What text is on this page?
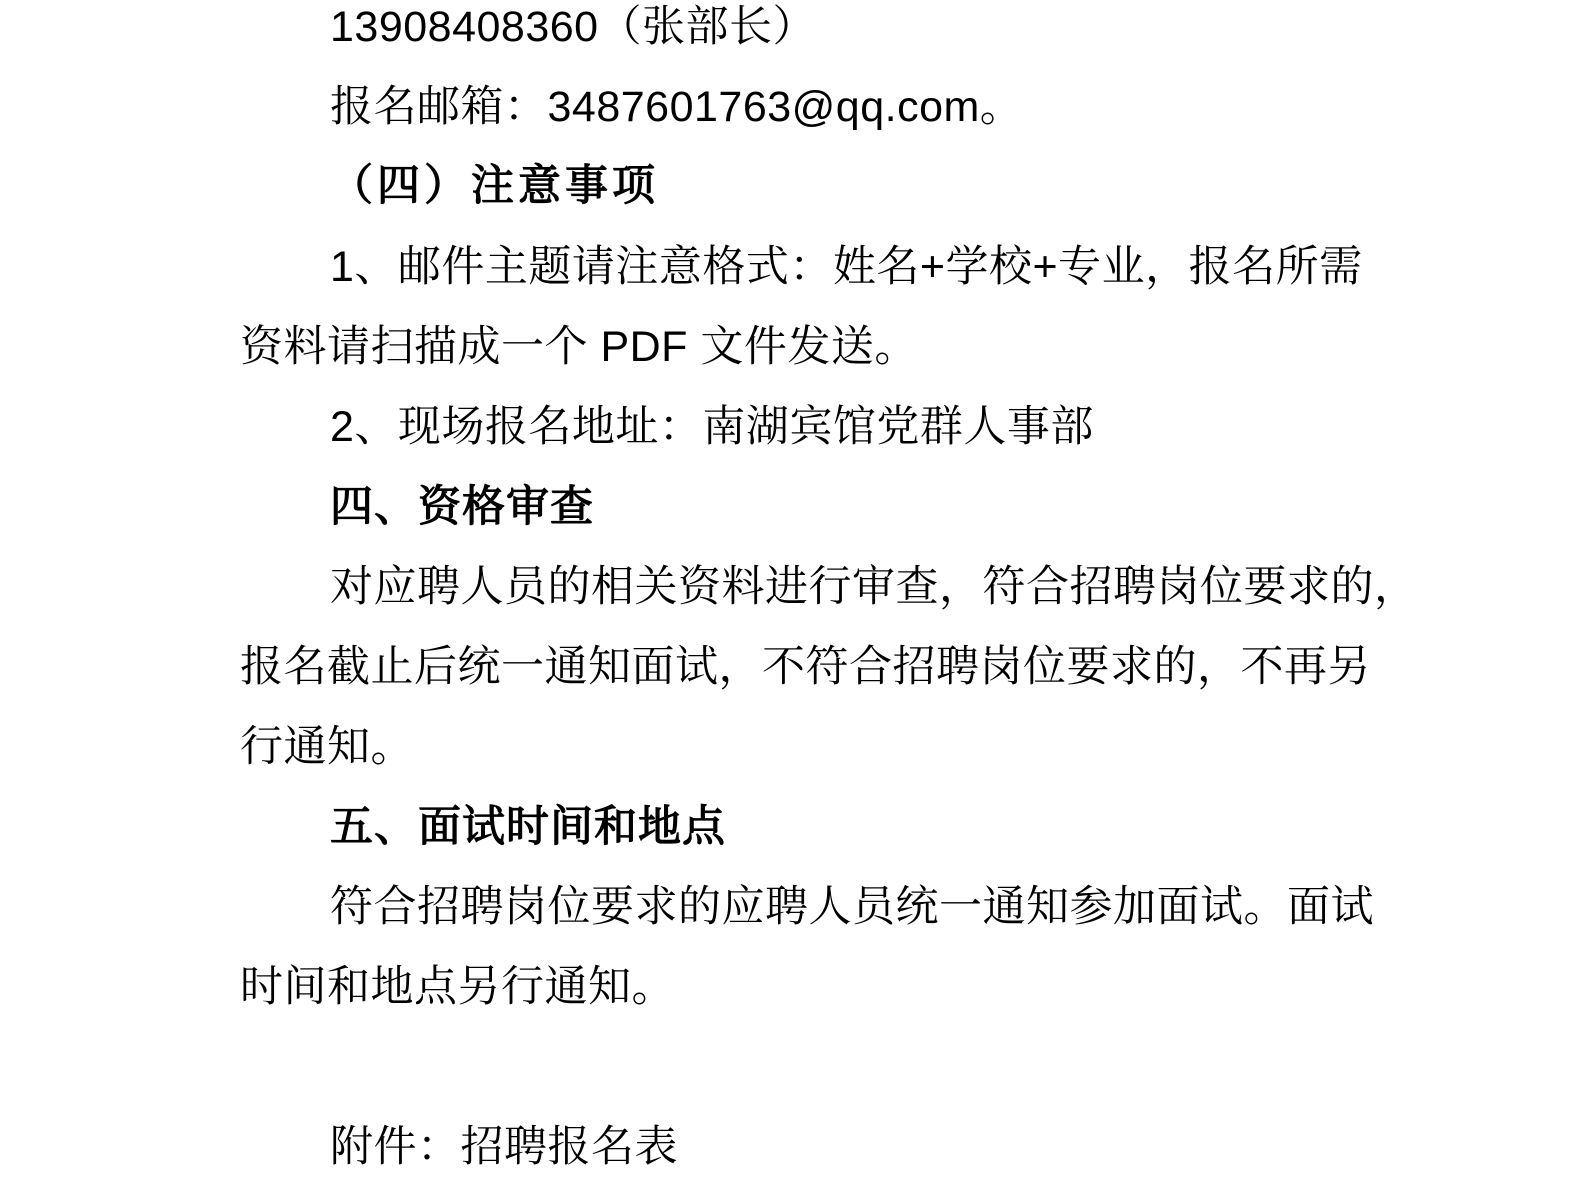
13908408360（张部长）
报名邮箱：3487601763@qq.com。
（四）注意事项
1、邮件主题请注意格式：姓名+学校+专业，报名所需
资料请扫描成一个 PDF 文件发送。
2、现场报名地址：南湖宾馆党群人事部
四、资格审查
对应聘人员的相关资料进行审查，符合招聘岗位要求的，
报名截止后统一通知面试，不符合招聘岗位要求的，不再另
行通知。
五、面试时间和地点
符合招聘岗位要求的应聘人员统一通知参加面试。面试
时间和地点另行通知。
附件：招聘报名表
